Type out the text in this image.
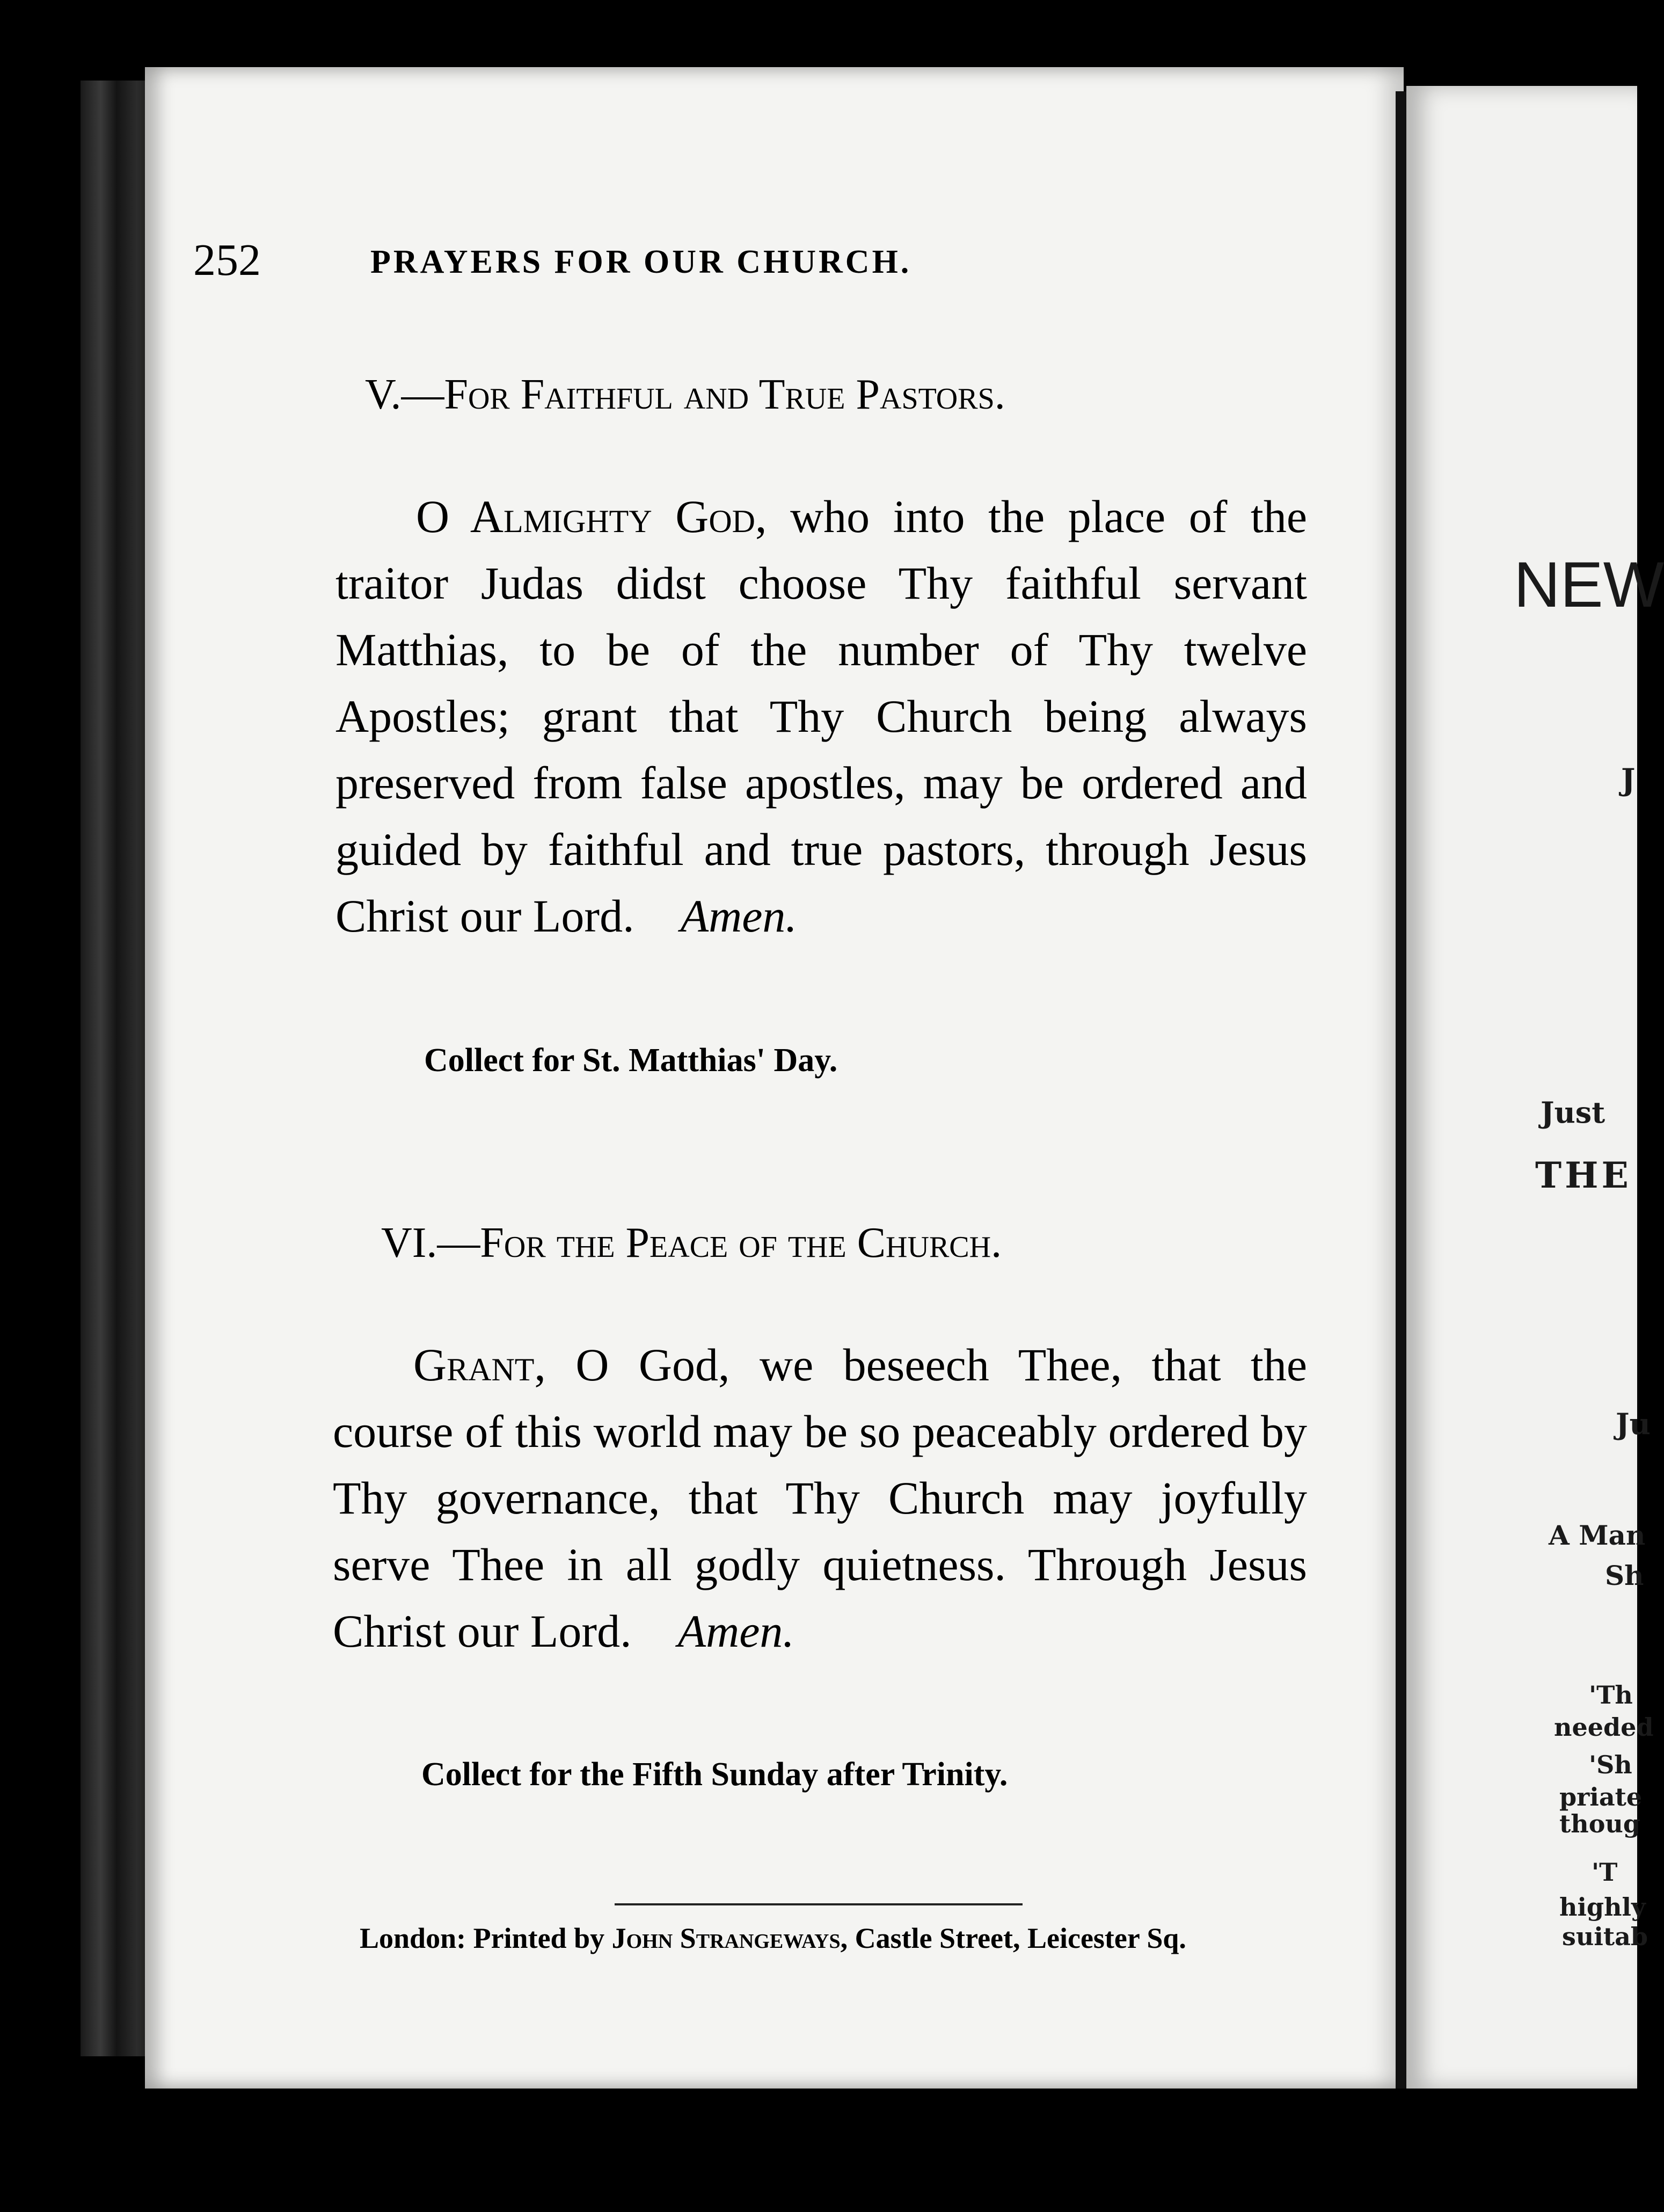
252	PRAYERS FOR OUR CHURCH.
V.—For Faithful and True Pastors.

O Almighty God, who into the place of the traitor Judas didst choose Thy faithful servant Matthias, to be of the number of Thy twelve Apostles; grant that Thy Church being always preserved from false apostles, may be ordered and guided by faithful and true pastors, through Jesus Christ our Lord. Amen.

Collect for St. Matthias' Day.
VI.—For the Peace of the Church.

Grant, O God, we beseech Thee, that the course of this world may be so peaceably ordered by Thy governance, that Thy Church may joyfully serve Thee in all godly quietness. Through Jesus Christ our Lord. Amen.

Collect for the Fifth Sunday after Trinity.
London: Printed by John Strangeways, Castle Street, Leicester Sq.
NEW
J
Just
THE
Ju
A Man
Sh
'Th
needed
'Sh
priate
thoug
'T
highly
suitab
